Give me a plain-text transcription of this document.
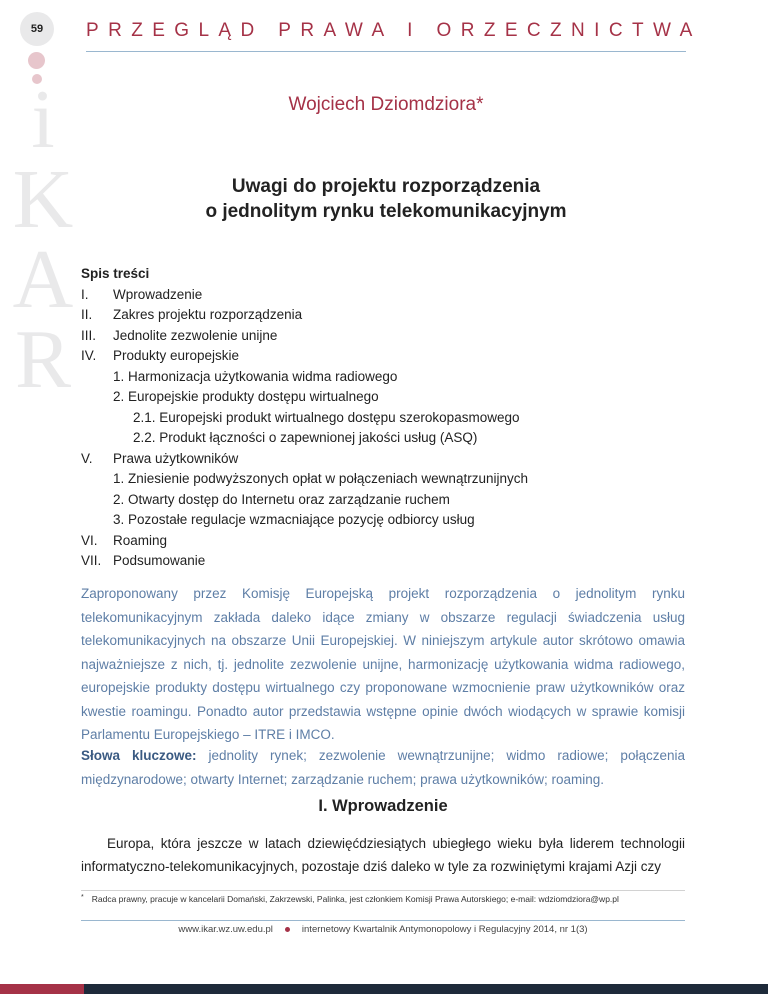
59
i
K
A
R
PRZEGLĄD PRAWA I ORZECZNICTWA
Wojciech Dziomdziora*
Uwagi do projektu rozporządzenia
o jednolitym rynku telekomunikacyjnym
Spis treści
I.	Wprowadzenie
II.	Zakres projektu rozporządzenia
III.	Jednolite zezwolenie unijne
IV.	Produkty europejskie
1. Harmonizacja użytkowania widma radiowego
2. Europejskie produkty dostępu wirtualnego
2.1. Europejski produkt wirtualnego dostępu szerokopasmowego
2.2. Produkt łączności o zapewnionej jakości usług (ASQ)
V.	Prawa użytkowników
1. Zniesienie podwyższonych opłat w połączeniach wewnątrzunijnych
2. Otwarty dostęp do Internetu oraz zarządzanie ruchem
3. Pozostałe regulacje wzmacniające pozycję odbiorcy usług
VI.	Roaming
VII. Podsumowanie
Zaproponowany przez Komisję Europejską projekt rozporządzenia o jednolitym rynku telekomunikacyjnym zakłada daleko idące zmiany w obszarze regulacji świadczenia usług telekomunikacyjnych na obszarze Unii Europejskiej. W niniejszym artykule autor skrótowo omawia najważniejsze z nich, tj. jednolite zezwolenie unijne, harmonizację użytkowania widma radiowego, europejskie produkty dostępu wirtualnego czy proponowane wzmocnienie praw użytkowników oraz kwestie roamingu. Ponadto autor przedstawia wstępne opinie dwóch wiodących w sprawie komisji Parlamentu Europejskiego – ITRE i IMCO.
Słowa kluczowe: jednolity rynek; zezwolenie wewnątrzunijne; widmo radiowe; połączenia międzynarodowe; otwarty Internet; zarządzanie ruchem; prawa użytkowników; roaming.
I. Wprowadzenie
Europa, która jeszcze w latach dziewięćdziesiątych ubiegłego wieku była liderem technologii informatyczno-telekomunikacyjnych, pozostaje dziś daleko w tyle za rozwiniętymi krajami Azji czy
* Radca prawny, pracuje w kancelarii Domański, Zakrzewski, Palinka, jest członkiem Komisji Prawa Autorskiego; e-mail: wdziomdziora@wp.pl
www.ikar.wz.uw.edu.pl	internetowy Kwartalnik Antymonopolowy i Regulacyjny 2014, nr 1(3)
